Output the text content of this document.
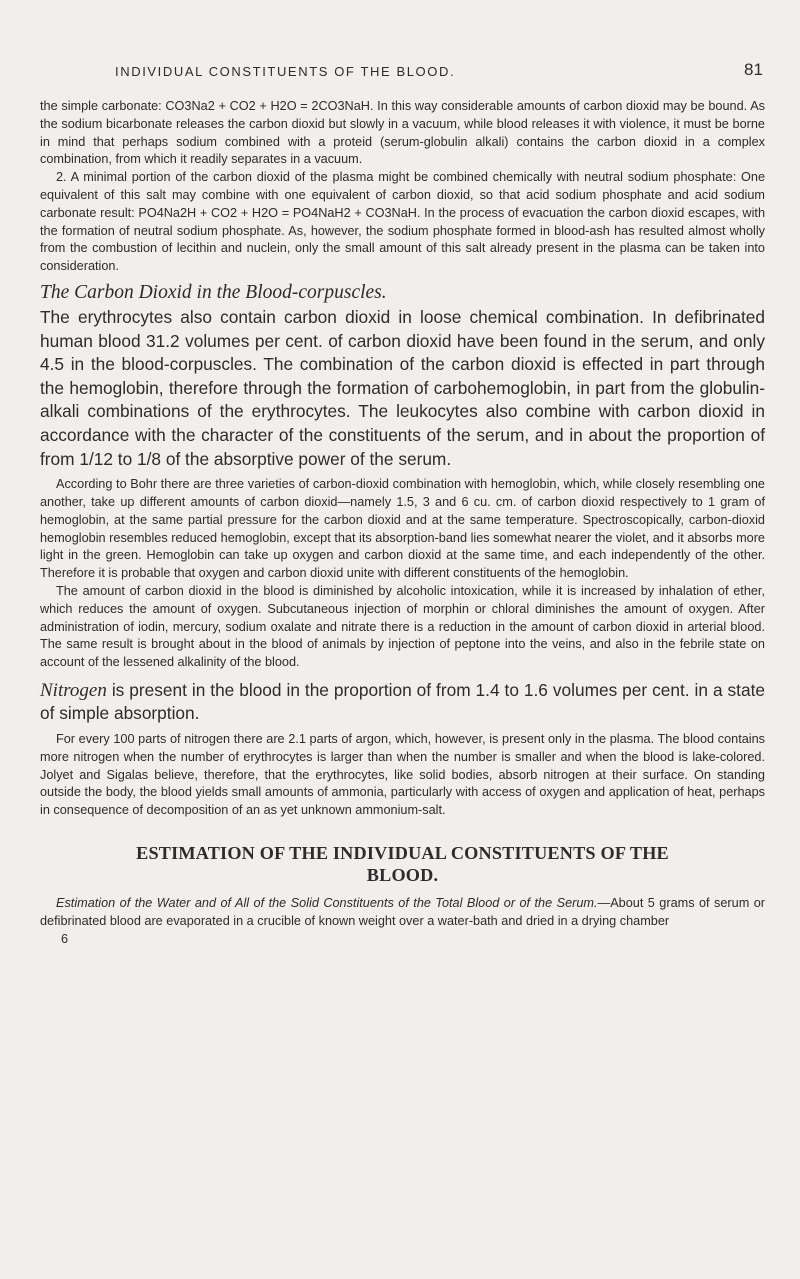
INDIVIDUAL CONSTITUENTS OF THE BLOOD.	81

the simple carbonate: CO3Na2 + CO2 + H2O = 2CO3NaH. In this way considerable amounts of carbon dioxid may be bound. As the sodium bicarbonate releases the carbon dioxid but slowly in a vacuum, while blood releases it with violence, it must be borne in mind that perhaps sodium combined with a proteid (serum-globulin alkali) contains the carbon dioxid in a complex combination, from which it readily separates in a vacuum.

2. A minimal portion of the carbon dioxid of the plasma might be combined chemically with neutral sodium phosphate: One equivalent of this salt may combine with one equivalent of carbon dioxid, so that acid sodium phosphate and acid sodium carbonate result: PO4Na2H + CO2 + H2O = PO4NaH2 + CO3NaH. In the process of evacuation the carbon dioxid escapes, with the formation of neutral sodium phosphate. As, however, the sodium phosphate formed in blood-ash has resulted almost wholly from the combustion of lecithin and nuclein, only the small amount of this salt already present in the plasma can be taken into consideration.

The Carbon Dioxid in the Blood-corpuscles.

The erythrocytes also contain carbon dioxid in loose chemical combination. In defibrinated human blood 31.2 volumes per cent. of carbon dioxid have been found in the serum, and only 4.5 in the blood-corpuscles. The combination of the carbon dioxid is effected in part through the hemoglobin, therefore through the formation of carbohemoglobin, in part from the globulin-alkali combinations of the erythrocytes. The leukocytes also combine with carbon dioxid in accordance with the character of the constituents of the serum, and in about the proportion of from 1/12 to 1/8 of the absorptive power of the serum.

According to Bohr there are three varieties of carbon-dioxid combination with hemoglobin, which, while closely resembling one another, take up different amounts of carbon dioxid—namely 1.5, 3 and 6 cu. cm. of carbon dioxid respectively to 1 gram of hemoglobin, at the same partial pressure for the carbon dioxid and at the same temperature. Spectroscopically, carbon-dioxid hemoglobin resembles reduced hemoglobin, except that its absorption-band lies somewhat nearer the violet, and it absorbs more light in the green. Hemoglobin can take up oxygen and carbon dioxid at the same time, and each independently of the other. Therefore it is probable that oxygen and carbon dioxid unite with different constituents of the hemoglobin.

The amount of carbon dioxid in the blood is diminished by alcoholic intoxication, while it is increased by inhalation of ether, which reduces the amount of oxygen. Subcutaneous injection of morphin or chloral diminishes the amount of oxygen. After administration of iodin, mercury, sodium oxalate and nitrate there is a reduction in the amount of carbon dioxid in arterial blood. The same result is brought about in the blood of animals by injection of peptone into the veins, and also in the febrile state on account of the lessened alkalinity of the blood.

Nitrogen is present in the blood in the proportion of from 1.4 to 1.6 volumes per cent. in a state of simple absorption.

For every 100 parts of nitrogen there are 2.1 parts of argon, which, however, is present only in the plasma. The blood contains more nitrogen when the number of erythrocytes is larger than when the number is smaller and when the blood is lake-colored. Jolyet and Sigalas believe, therefore, that the erythrocytes, like solid bodies, absorb nitrogen at their surface. On standing outside the body, the blood yields small amounts of ammonia, particularly with access of oxygen and application of heat, perhaps in consequence of decomposition of an as yet unknown ammonium-salt.

ESTIMATION OF THE INDIVIDUAL CONSTITUENTS OF THE
BLOOD.

Estimation of the Water and of All of the Solid Constituents of the Total Blood or of the Serum.—About 5 grams of serum or defibrinated blood are evaporated in a crucible of known weight over a water-bath and dried in a drying chamber

6
